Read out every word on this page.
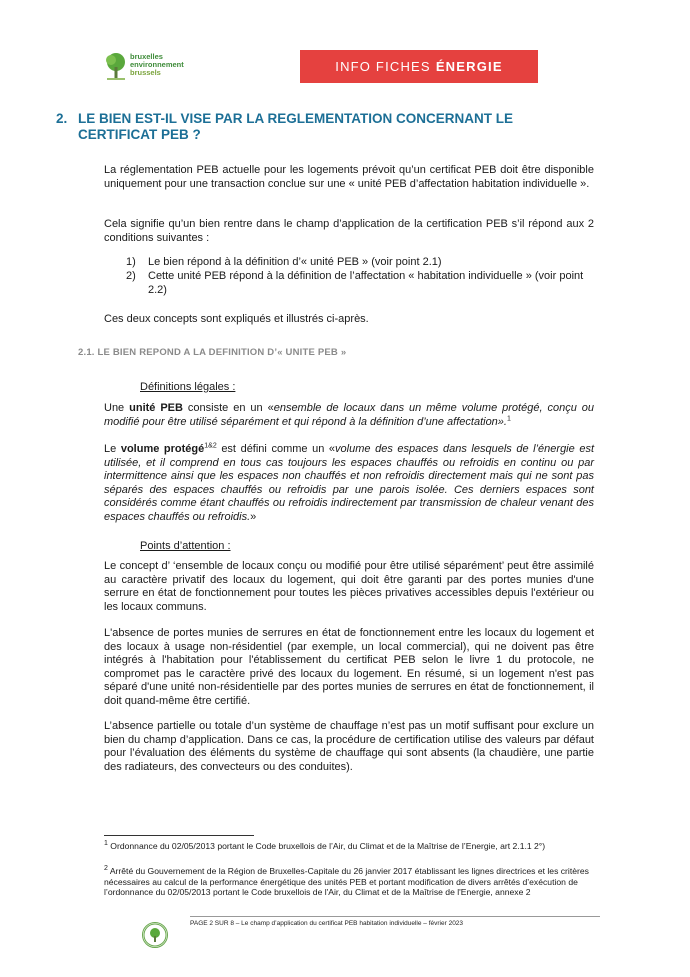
bruxelles
environnement
brussels	INFO FICHES ÉNERGIE
2. LE BIEN EST-IL VISE PAR LA REGLEMENTATION CONCERNANT LE CERTIFICAT PEB ?
La réglementation PEB actuelle pour les logements prévoit qu’un certificat PEB doit être disponible uniquement pour une transaction conclue sur une « unité PEB d’affectation habitation individuelle ».
Cela signifie qu’un bien rentre dans le champ d’application de la certification PEB s’il répond aux 2 conditions suivantes :
1) Le bien répond à la définition d’« unité PEB » (voir point 2.1)
2) Cette unité PEB répond à la définition de l’affectation « habitation individuelle » (voir point 2.2)
Ces deux concepts sont expliqués et illustrés ci-après.
2.1. LE BIEN REPOND A LA DEFINITION D’« UNITE PEB »
Définitions légales :
Une unité PEB consiste en un «ensemble de locaux dans un même volume protégé, conçu ou modifié pour être utilisé séparément et qui répond à la définition d’une affectation».$^1$
Le volume protégé$^{1\&2}$ est défini comme un «volume des espaces dans lesquels de l’énergie est utilisée, et il comprend en tous cas toujours les espaces chauffés ou refroidis en continu ou par intermittence ainsi que les espaces non chauffés et non refroidis directement mais qui ne sont pas séparés des espaces chauffés ou refroidis par une parois isolée. Ces derniers espaces sont considérés comme étant chauffés ou refroidis indirectement par transmission de chaleur venant des espaces chauffés ou refroidis.»
Points d’attention :
Le concept d’ ‘ensemble de locaux conçu ou modifié pour être utilisé séparément’ peut être assimilé au caractère privatif des locaux du logement, qui doit être garanti par des portes munies d'une serrure en état de fonctionnement pour toutes les pièces privatives accessibles depuis l'extérieur ou les locaux communs.
L'absence de portes munies de serrures en état de fonctionnement entre les locaux du logement et des locaux à usage non-résidentiel (par exemple, un local commercial), qui ne doivent pas être intégrés à l'habitation pour l'établissement du certificat PEB selon le livre 1 du protocole, ne compromet pas le caractère privé des locaux du logement. En résumé, si un logement n'est pas séparé d'une unité non-résidentielle par des portes munies de serrures en état de fonctionnement, il doit quand-même être certifié.
L’absence partielle ou totale d’un système de chauffage n’est pas un motif suffisant pour exclure un bien du champ d’application. Dans ce cas, la procédure de certification utilise des valeurs par défaut pour l’évaluation des éléments du système de chauffage qui sont absents (la chaudière, une partie des radiateurs, des convecteurs ou des conduites).
$^1$ Ordonnance du 02/05/2013 portant le Code bruxellois de l’Air, du Climat et de la Maîtrise de l’Energie, art 2.1.1 2°)
$^2$ Arrêté du Gouvernement de la Région de Bruxelles-Capitale du 26 janvier 2017 établissant les lignes directrices et les critères nécessaires au calcul de la performance énergétique des unités PEB et portant modification de divers arrêtés d’exécution de l’ordonnance du 02/05/2013 portant le Code bruxellois de l'Air, du Climat et de la Maîtrise de l'Energie, annexe 2
PAGE 2 SUR 8 – Le champ d’application du certificat PEB habitation individuelle – février 2023
